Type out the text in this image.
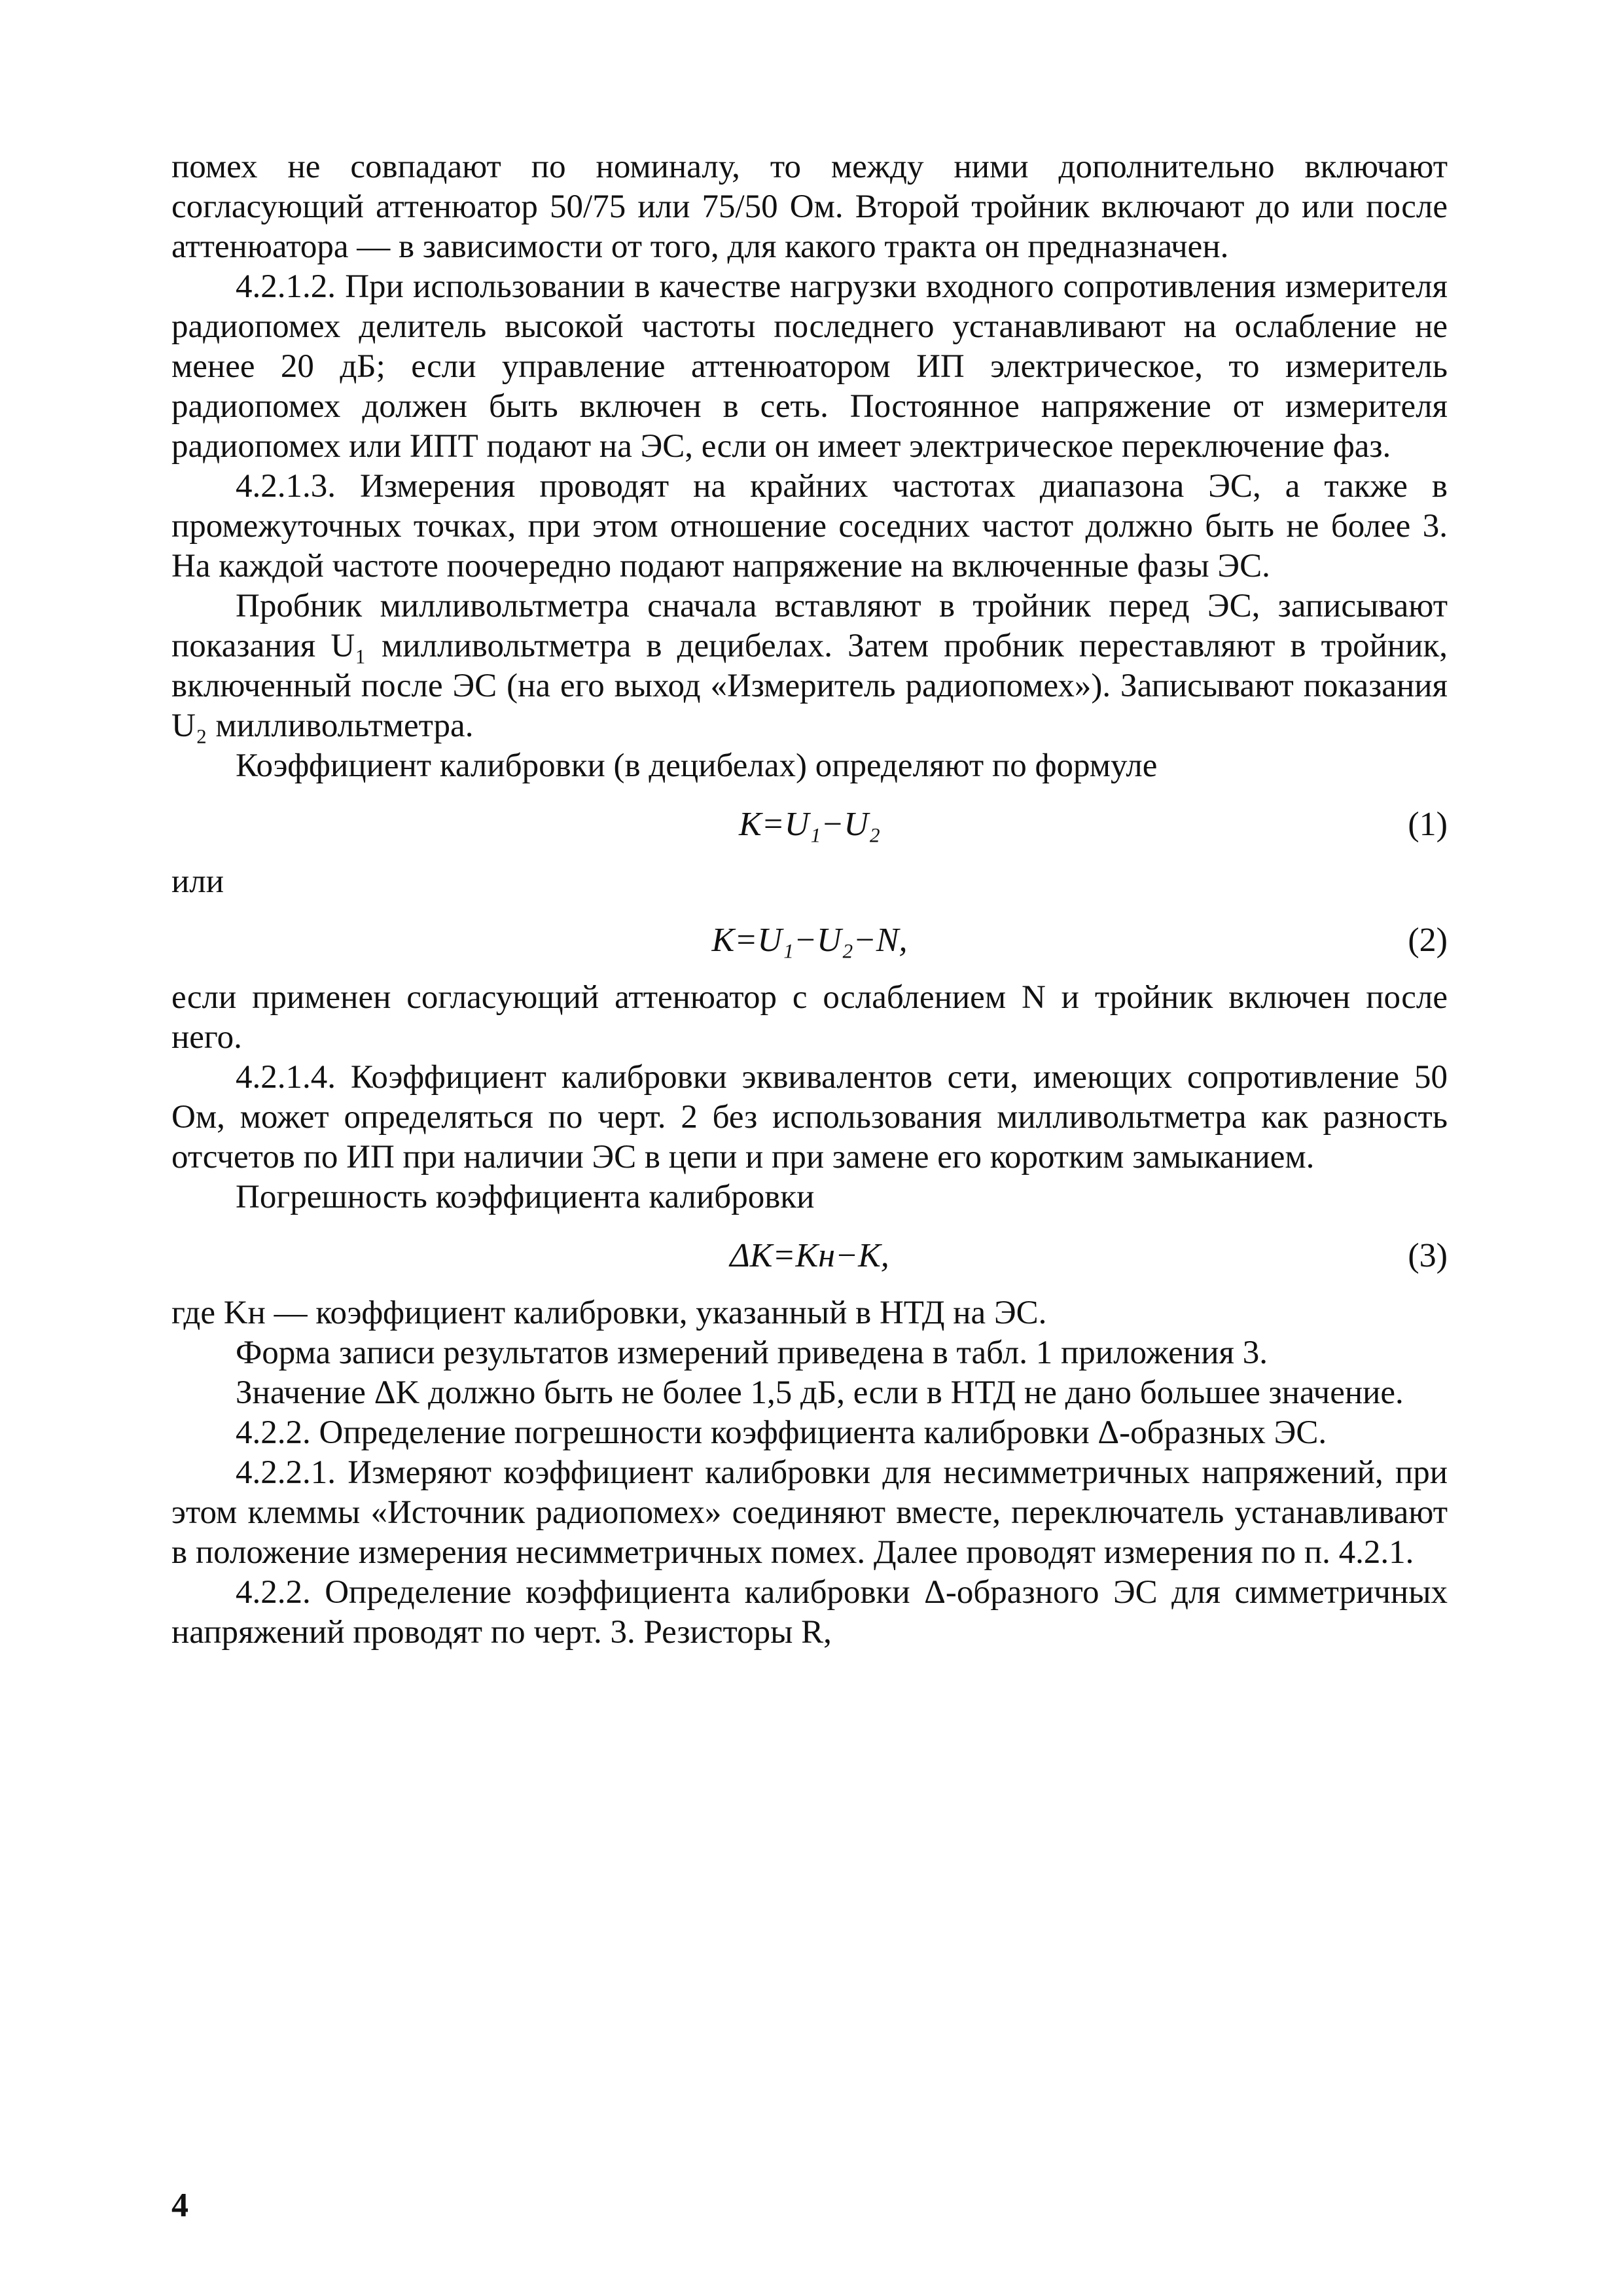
помех не совпадают по номиналу, то между ними дополнительно включают согласующий аттенюатор 50/75 или 75/50 Ом. Второй тройник включают до или после аттенюатора — в зависимости от того, для какого тракта он предназначен.

4.2.1.2. При использовании в качестве нагрузки входного сопротивления измерителя радиопомех делитель высокой частоты последнего устанавливают на ослабление не менее 20 дБ; если управление аттенюатором ИП электрическое, то измеритель радиопомех должен быть включен в сеть. Постоянное напряжение от измерителя радиопомех или ИПТ подают на ЭС, если он имеет электрическое переключение фаз.

4.2.1.3. Измерения проводят на крайних частотах диапазона ЭС, а также в промежуточных точках, при этом отношение соседних частот должно быть не более 3. На каждой частоте поочередно подают напряжение на включенные фазы ЭС.

Пробник милливольтметра сначала вставляют в тройник перед ЭС, записывают показания U₁ милливольтметра в децибелах. Затем пробник переставляют в тройник, включенный после ЭС (на его выход «Измеритель радиопомех»). Записывают показания U₂ милливольтметра.

Коэффициент калибровки (в децибелах) определяют по формуле

K=U₁−U₂	(1)

или

K=U₁−U₂−N,	(2)

если применен согласующий аттенюатор с ослаблением N и тройник включен после него.

4.2.1.4. Коэффициент калибровки эквивалентов сети, имеющих сопротивление 50 Ом, может определяться по черт. 2 без использования милливольтметра как разность отсчетов по ИП при наличии ЭС в цепи и при замене его коротким замыканием.

Погрешность коэффициента калибровки

ΔK=Kн−K,	(3)

где Kн — коэффициент калибровки, указанный в НТД на ЭС.

Форма записи результатов измерений приведена в табл. 1 приложения 3.

Значение ΔK должно быть не более 1,5 дБ, если в НТД не дано большее значение.

4.2.2. Определение погрешности коэффициента калибровки Δ-образных ЭС.

4.2.2.1. Измеряют коэффициент калибровки для несимметричных напряжений, при этом клеммы «Источник радиопомех» соединяют вместе, переключатель устанавливают в положение измерения несимметричных помех. Далее проводят измерения по п. 4.2.1.

4.2.2. Определение коэффициента калибровки Δ-образного ЭС для симметричных напряжений проводят по черт. 3. Резисторы R,

4
